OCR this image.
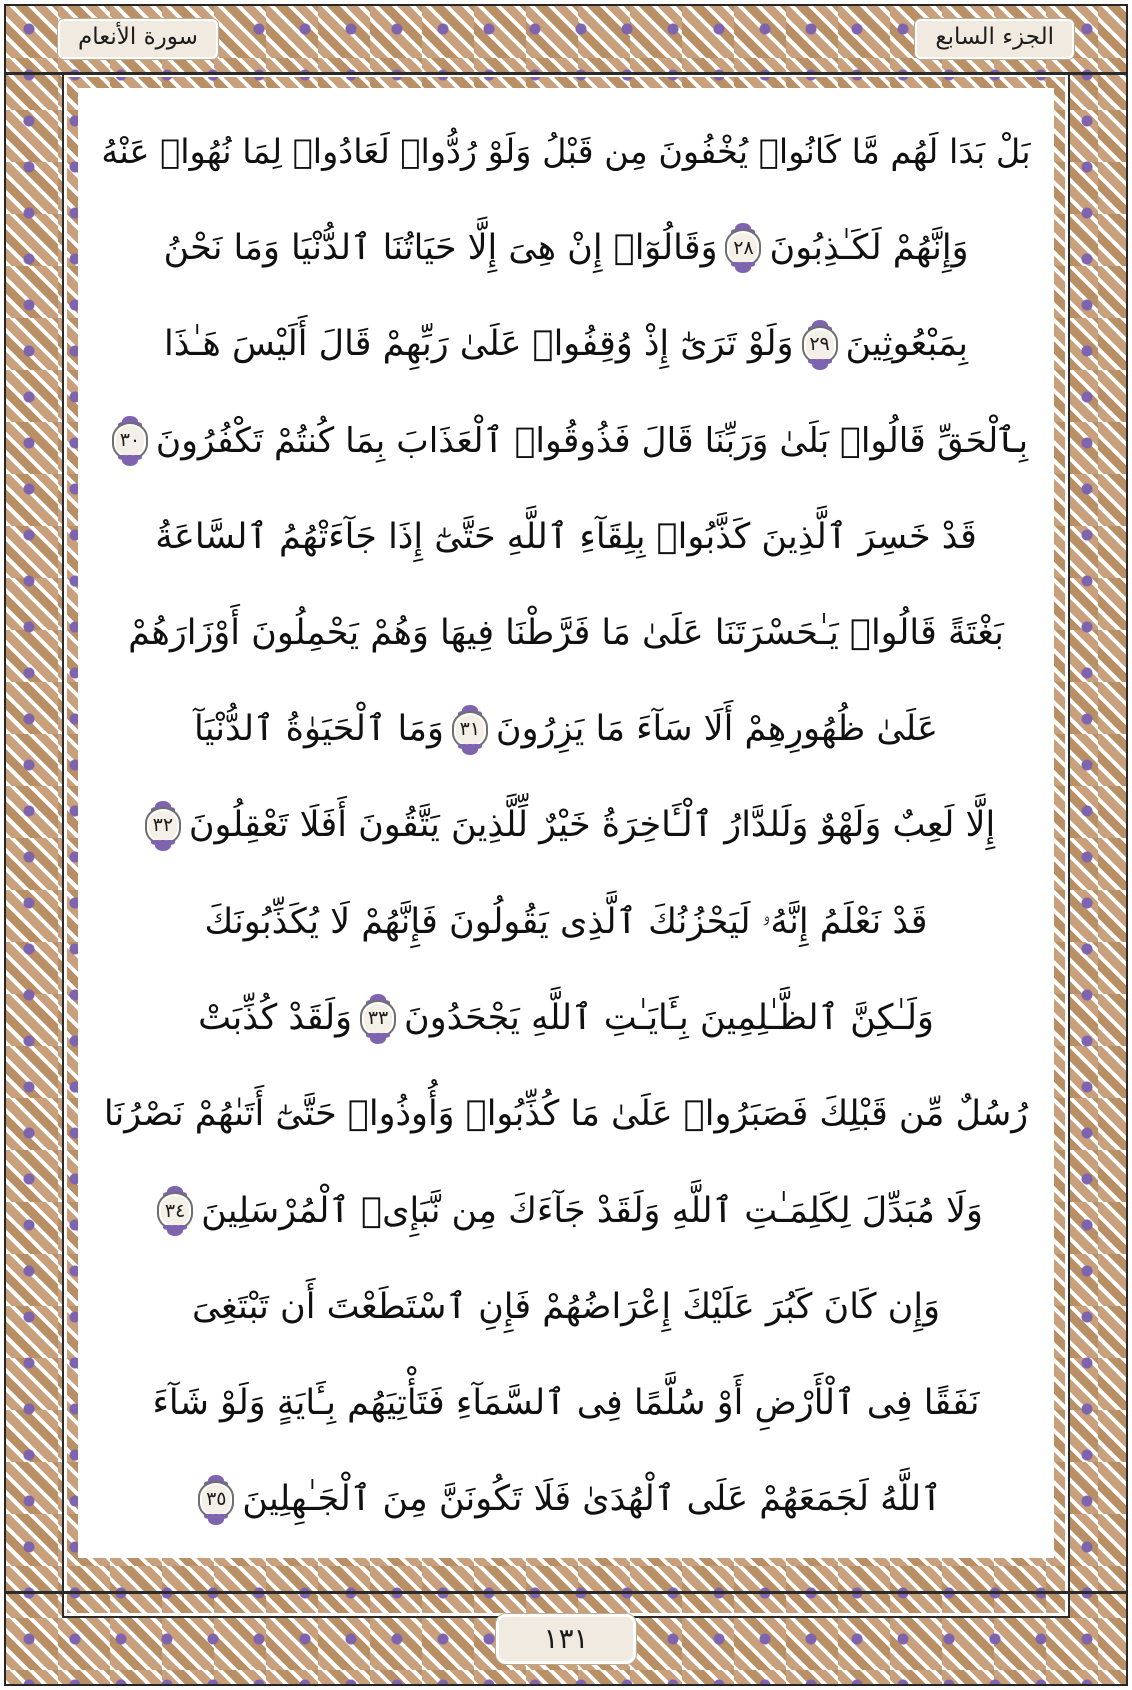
الجزء السابع
سورة الأنعام
بَلْ بَدَا لَهُم مَّا كَانُوا۟ يُخْفُونَ مِن قَبْلُ وَلَوْ رُدُّوا۟ لَعَادُوا۟ لِمَا نُهُوا۟ عَنْهُ
وَإِنَّهُمْ لَكَـٰذِبُونَ
٢٨
وَقَالُوٓا۟ إِنْ هِىَ إِلَّا حَيَاتُنَا ٱلدُّنْيَا وَمَا نَحْنُ
بِمَبْعُوثِينَ
٢٩
وَلَوْ تَرَىٰٓ إِذْ وُقِفُوا۟ عَلَىٰ رَبِّهِمْ قَالَ أَلَيْسَ هَـٰذَا
بِٱلْحَقِّ قَالُوا۟ بَلَىٰ وَرَبِّنَا قَالَ فَذُوقُوا۟ ٱلْعَذَابَ بِمَا كُنتُمْ تَكْفُرُونَ
٣٠
قَدْ خَسِرَ ٱلَّذِينَ كَذَّبُوا۟ بِلِقَآءِ ٱللَّهِ حَتَّىٰٓ إِذَا جَآءَتْهُمُ ٱلسَّاعَةُ
بَغْتَةً قَالُوا۟ يَـٰحَسْرَتَنَا عَلَىٰ مَا فَرَّطْنَا فِيهَا وَهُمْ يَحْمِلُونَ أَوْزَارَهُمْ
عَلَىٰ ظُهُورِهِمْ أَلَا سَآءَ مَا يَزِرُونَ
٣١
وَمَا ٱلْحَيَوٰةُ ٱلدُّنْيَآ
إِلَّا لَعِبٌ وَلَهْوٌ وَلَلدَّارُ ٱلْـَٔاخِرَةُ خَيْرٌ لِّلَّذِينَ يَتَّقُونَ أَفَلَا تَعْقِلُونَ
٣٢
قَدْ نَعْلَمُ إِنَّهُۥ لَيَحْزُنُكَ ٱلَّذِى يَقُولُونَ فَإِنَّهُمْ لَا يُكَذِّبُونَكَ
وَلَـٰكِنَّ ٱلظَّـٰلِمِينَ بِـَٔايَـٰتِ ٱللَّهِ يَجْحَدُونَ
٣٣
وَلَقَدْ كُذِّبَتْ
رُسُلٌ مِّن قَبْلِكَ فَصَبَرُوا۟ عَلَىٰ مَا كُذِّبُوا۟ وَأُوذُوا۟ حَتَّىٰٓ أَتَىٰهُمْ نَصْرُنَا
وَلَا مُبَدِّلَ لِكَلِمَـٰتِ ٱللَّهِ وَلَقَدْ جَآءَكَ مِن نَّبَإِى۟ ٱلْمُرْسَلِينَ
٣٤
وَإِن كَانَ كَبُرَ عَلَيْكَ إِعْرَاضُهُمْ فَإِنِ ٱسْتَطَعْتَ أَن تَبْتَغِىَ
نَفَقًا فِى ٱلْأَرْضِ أَوْ سُلَّمًا فِى ٱلسَّمَآءِ فَتَأْتِيَهُم بِـَٔايَةٍ وَلَوْ شَآءَ
ٱللَّهُ لَجَمَعَهُمْ عَلَى ٱلْهُدَىٰ فَلَا تَكُونَنَّ مِنَ ٱلْجَـٰهِلِينَ
٣٥
١٣١
